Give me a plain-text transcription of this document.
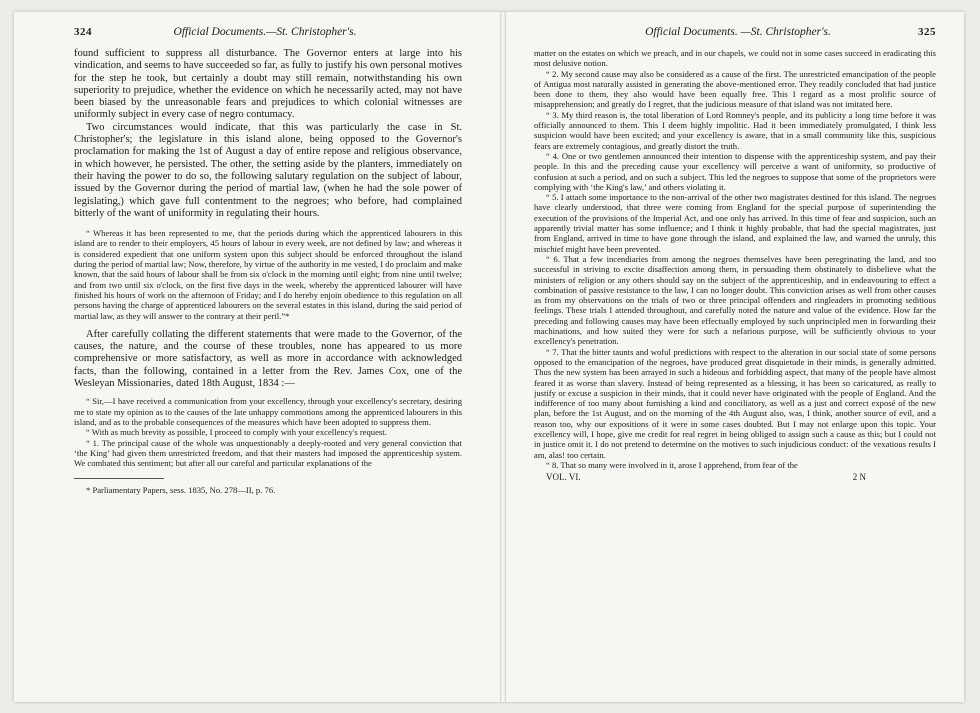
324	Official Documents.—St. Christopher's.

found sufficient to suppress all disturbance. The Governor enters at large into his vindication, and seems to have succeeded so far, as fully to justify his own personal motives for the step he took, but certainly a doubt may still remain, notwithstanding his own superiority to prejudice, whether the evidence on which he necessarily acted, may not have been biased by the unreasonable fears and prejudices to which colonial witnesses are uniformly subject in every case of negro contumacy.

Two circumstances would indicate, that this was particularly the case in St. Christopher's; the legislature in this island alone, being opposed to the Governor's proclamation for making the 1st of August a day of entire repose and religious observance, in which however, he persisted. The other, the setting aside by the planters, immediately on their having the power to do so, the following salutary regulation on the subject of labour, issued by the Governor during the period of martial law, (when he had the sole power of legislating,) which gave full contentment to the negroes; who before, had complained bitterly of the want of uniformity in regulating their hours.

“ Whereas it has been represented to me, that the periods during which the apprenticed labourers in this island are to render to their employers, 45 hours of labour in every week, are not defined by law; and whereas it is considered expedient that one uniform system upon this subject should be enforced throughout the island during the period of martial law; Now, therefore, by virtue of the authority in me vested, I do proclaim and make known, that the said hours of labour shall be from six o'clock in the morning until eight; from nine until twelve; and from two until six o'clock, on the first five days in the week, whereby the apprenticed labourer will have finished his hours of work on the afternoon of Friday; and I do hereby enjoin obedience to this regulation on all persons having the charge of apprenticed labourers on the several estates in this island, during the said period of martial law, as they will answer to the contrary at their peril.”*

After carefully collating the different statements that were made to the Governor, of the causes, the nature, and the course of these troubles, none has appeared to us more comprehensive or more satisfactory, as well as more in accordance with acknowledged facts, than the following, contained in a letter from the Rev. James Cox, one of the Wesleyan Missionaries, dated 18th August, 1834 :—

“ Sir,—I have received a communication from your excellency, through your excellency's secretary, desiring me to state my opinion as to the causes of the late unhappy commotions among the apprenticed labourers in this island, and as to the probable consequences of the measures which have been adopted to suppress them.

“ With as much brevity as possible, I proceed to comply with your excellency's request.

“ 1. The principal cause of the whole was unquestionably a deeply-rooted and very general conviction that ‘the King’ had given them unrestricted freedom, and that their masters had imposed the apprenticeship system. We combated this sentiment; but after all our careful and particular explanations of the

* Parliamentary Papers, sess. 1835, No. 278—II, p. 76.

Official Documents. —St. Christopher's.	325

matter on the estates on which we preach, and in our chapels, we could not in some cases succeed in eradicating this most delusive notion.

“ 2. My second cause may also be considered as a cause of the first. The unrestricted emancipation of the people of Antigua most naturally assisted in generating the above-mentioned error. They readily concluded that had justice been done to them, they also would have been equally free. This I regard as a most prolific source of misapprehension; and greatly do I regret, that the judicious measure of that island was not imitated here.

“ 3. My third reason is, the total liberation of Lord Romney's people, and its publicity a long time before it was officially announced to them. This I deem highly impolitic. Had it been immediately promulgated, I think less suspicion would have been excited; and your excellency is aware, that in a small community like this, suspicious fears are extremely contagious, and greatly distort the truth.

“ 4. One or two gentlemen announced their intention to dispense with the apprenticeship system, and pay their people. In this and the preceding cause your excellency will perceive a want of uniformity, so productive of confusion at such a period, and on such a subject. This led the negroes to suppose that some of the proprietors were complying with ‘the King's law,’ and others violating it.

“ 5. I attach some importance to the non-arrival of the other two magistrates destined for this island. The negroes have clearly understood, that three were coming from England for the special purpose of superintending the execution of the provisions of the Imperial Act, and one only has arrived. In this time of fear and suspicion, such an apparently trivial matter has some influence; and I think it highly probable, that had the special magistrates, just from England, arrived in time to have gone through the island, and explained the law, and warned the unruly, this mischief might have been prevented.

“ 6. That a few incendiaries from among the negroes themselves have been peregrinating the land, and too successful in striving to excite disaffection among them, in persuading them obstinately to disbelieve what the ministers of religion or any others should say on the subject of the apprenticeship, and in endeavouring to effect a combination of passive resistance to the law, I can no longer doubt. This conviction arises as well from other causes as from my observations on the trials of two or three principal offenders and ringleaders in promoting seditious feelings. These trials I attended throughout, and carefully noted the nature and value of the evidence. How far the preceding and following causes may have been effectually employed by such unprincipled men in forwarding their machinations, and how suited they were for such a nefarious purpose, will be sufficiently obvious to your excellency's penetration.

“ 7. That the bitter taunts and woful predictions with respect to the alteration in our social state of some persons opposed to the emancipation of the negroes, have produced great disquietude in their minds, is generally admitted. Thus the new system has been arrayed in such a hideous and forbidding aspect, that many of the people have almost feared it as worse than slavery. Instead of being represented as a blessing, it has been so caricatured, as really to justify or excuse a suspicion in their minds, that it could never have originated with the people of England. And the indifference of too many about furnishing a kind and conciliatory, as well as a just and correct exposé of the new plan, before the 1st August, and on the morning of the 4th August also, was, I think, another source of evil, and a reason too, why our expositions of it were in some cases doubted. But I may not enlarge upon this topic. Your excellency will, I hope, give me credit for real regret in being obliged to assign such a cause as this; but I could not in justice omit it. I do not pretend to determine on the motives to such injudicious conduct: of the vexatious results I am, alas! too certain.

“ 8. That so many were involved in it, arose I apprehend, from fear of the

VOL. VI.	2 N
